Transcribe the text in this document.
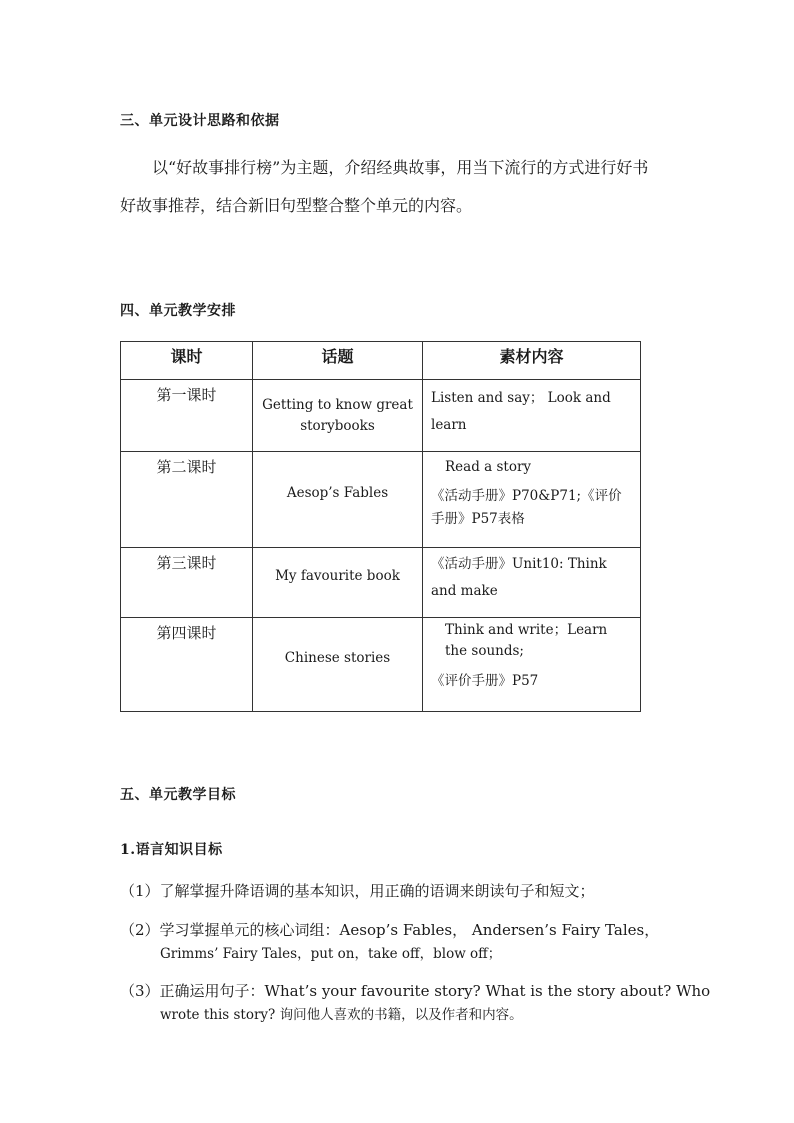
三、单元设计思路和依据
以“好故事排行榜”为主题，介绍经典故事，用当下流行的方式进行好书
好故事推荐，结合新旧句型整合整个单元的内容。
四、单元教学安排
课时	话题	素材内容

第一课时	Getting to know great storybooks	Listen and say； Look and learn

第二课时	Aesop’s Fables	Read a story
《活动手册》P70&P71;《评价手册》P57表格

第三课时	My favourite book	《活动手册》Unit10: Think and make

第四课时	Chinese stories	Think and write；Learn the sounds;
《评价手册》P57
五、单元教学目标
1.语言知识目标
（1）了解掌握升降语调的基本知识，用正确的语调来朗读句子和短文；
（2）学习掌握单元的核心词组：Aesop’s Fables， Andersen’s Fairy Tales，
Grimms’ Fairy Tales，put on，take off，blow off；
（3）正确运用句子：What’s your favourite story? What is the story about? Who
wrote this story? 询问他人喜欢的书籍，以及作者和内容。
